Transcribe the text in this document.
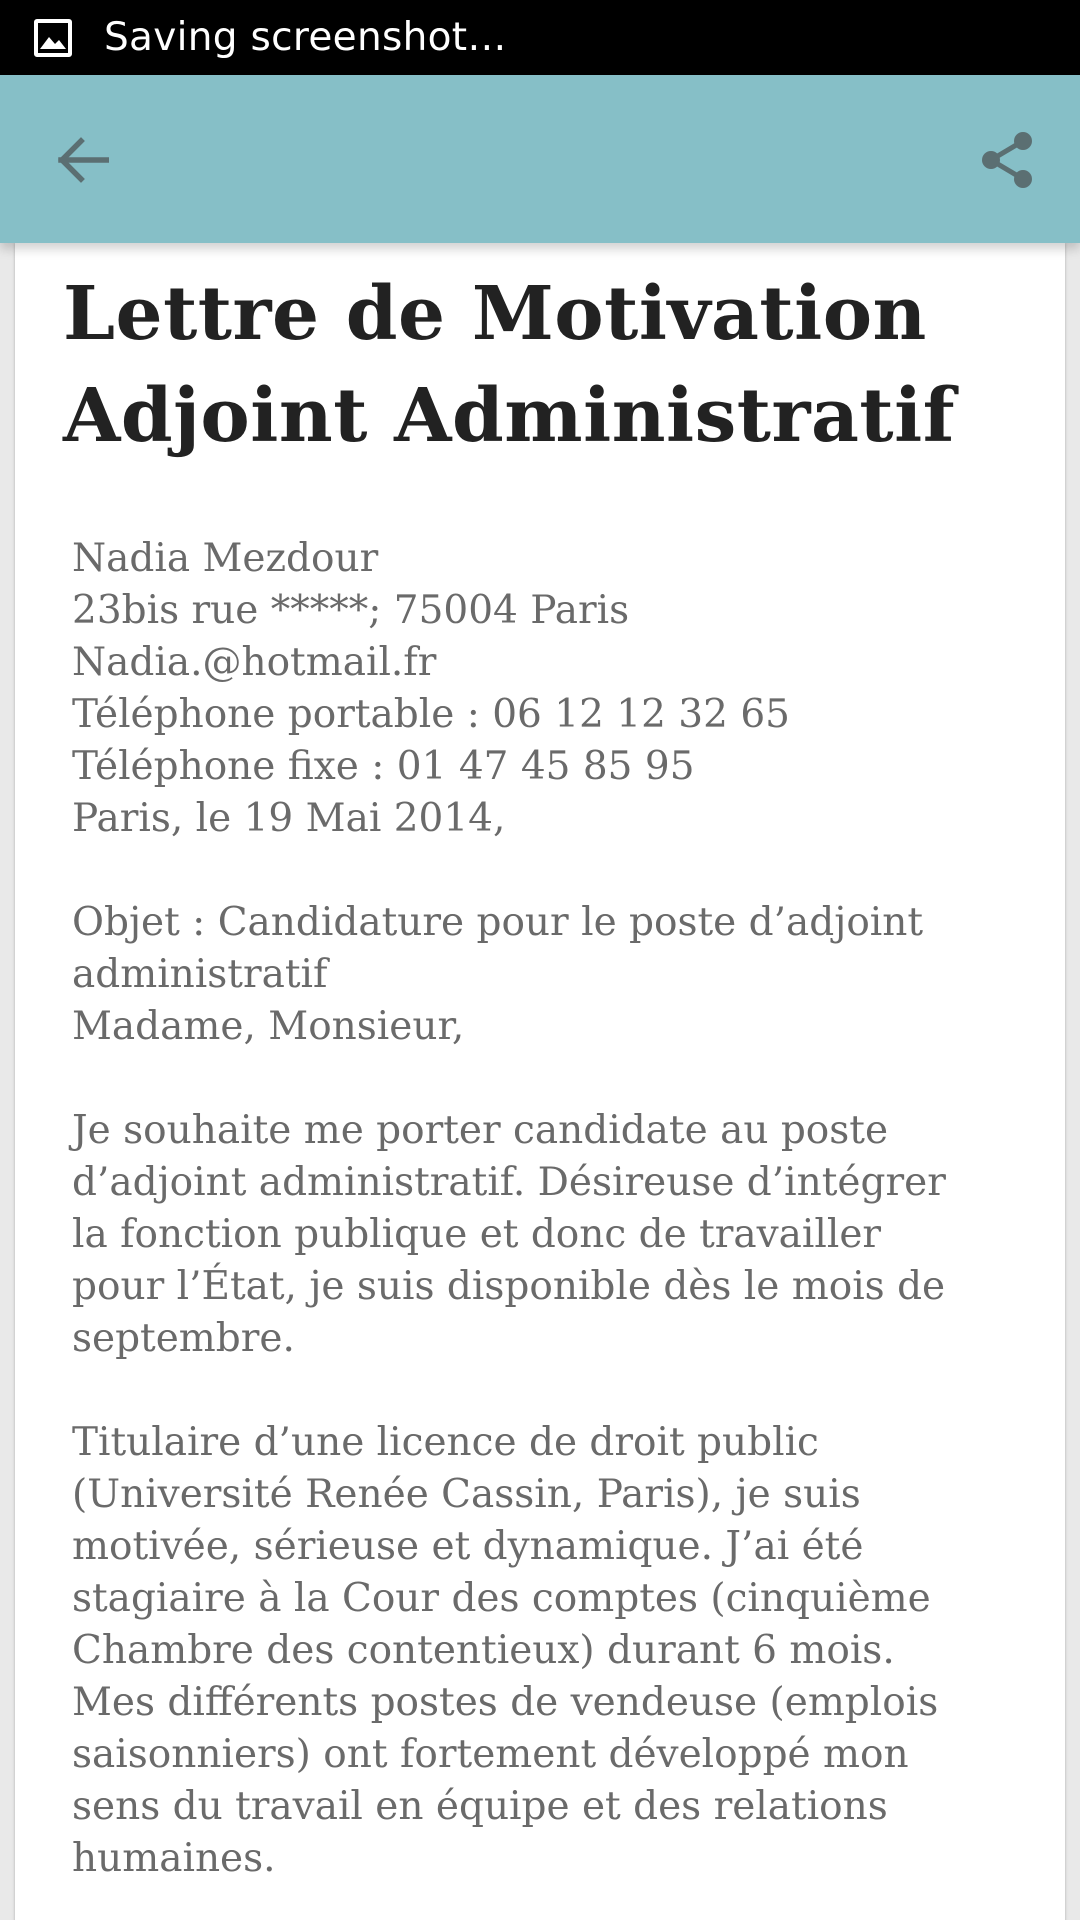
Saving screenshot…
Lettre de Motivation
Adjoint Administratif

Nadia Mezdour
23bis rue *****; 75004 Paris
Nadia.@hotmail.fr
Téléphone portable : 06 12 12 32 65
Téléphone fixe : 01 47 45 85 95
Paris, le 19 Mai 2014,

Objet : Candidature pour le poste d’adjoint
administratif
Madame, Monsieur,

Je souhaite me porter candidate au poste
d’adjoint administratif. Désireuse d’intégrer
la fonction publique et donc de travailler
pour l’État, je suis disponible dès le mois de
septembre.

Titulaire d’une licence de droit public
(Université Renée Cassin, Paris), je suis
motivée, sérieuse et dynamique. J’ai été
stagiaire à la Cour des comptes (cinquième
Chambre des contentieux) durant 6 mois.
Mes différents postes de vendeuse (emplois
saisonniers) ont fortement développé mon
sens du travail en équipe et des relations
humaines.
